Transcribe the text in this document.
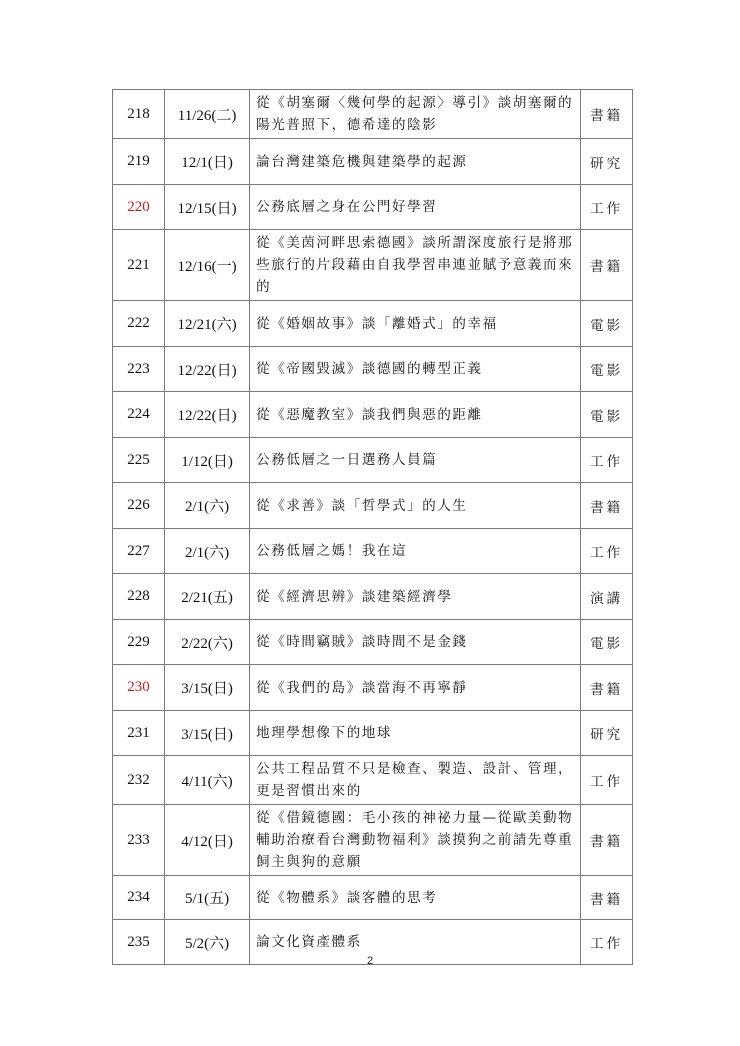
218	11/26(二)	從《胡塞爾〈幾何學的起源〉導引》談胡塞爾的陽光普照下，德希達的陰影	書籍
219	12/1(日)	論台灣建築危機與建築學的起源	研究
220	12/15(日)	公務底層之身在公門好學習	工作
221	12/16(一)	從《美茵河畔思索德國》談所謂深度旅行是將那些旅行的片段藉由自我學習串連並賦予意義而來的	書籍
222	12/21(六)	從《婚姻故事》談「離婚式」的幸福	電影
223	12/22(日)	從《帝國毀滅》談德國的轉型正義	電影
224	12/22(日)	從《惡魔教室》談我們與惡的距離	電影
225	1/12(日)	公務低層之一日選務人員篇	工作
226	2/1(六)	從《求善》談「哲學式」的人生	書籍
227	2/1(六)	公務低層之媽！我在這	工作
228	2/21(五)	從《經濟思辨》談建築經濟學	演講
229	2/22(六)	從《時間竊賊》談時間不是金錢	電影
230	3/15(日)	從《我們的島》談當海不再寧靜	書籍
231	3/15(日)	地理學想像下的地球	研究
232	4/11(六)	公共工程品質不只是檢查、製造、設計、管理，更是習慣出來的	工作
233	4/12(日)	從《借鏡德國：毛小孩的神祕力量—從歐美動物輔助治療看台灣動物福利》談摸狗之前請先尊重飼主與狗的意願	書籍
234	5/1(五)	從《物體系》談客體的思考	書籍
235	5/2(六)	論文化資產體系	工作
2
